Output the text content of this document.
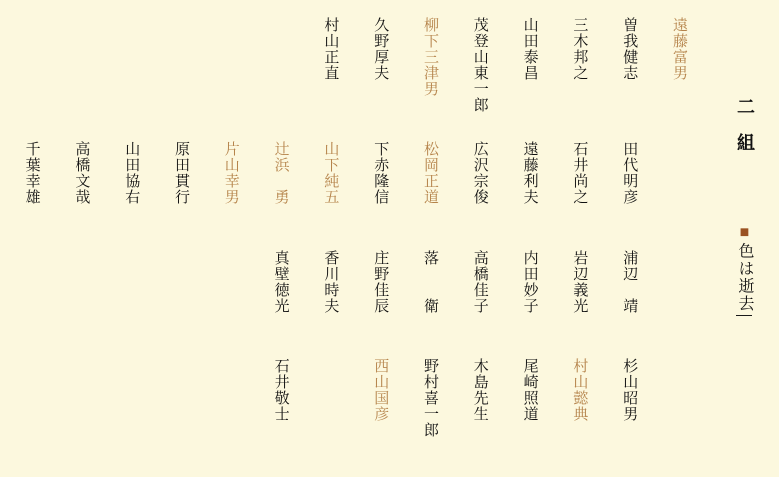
二　組
■色は逝去
遠藤富男
曽我健志
田代明彦
浦辺　靖
杉山昭男
三木邦之
石井尚之
岩辺義光
村山懿典
山田泰昌
遠藤利夫
内田妙子
尾崎照道
茂登山東一郎
広沢宗俊
高橋佳子
木島先生
柳下三津男
松岡正道
落　　衛
野村喜一郎
久野厚夫
下赤隆信
庄野佳辰
西山国彦
村山正直
山下純五
香川時夫
辻浜　勇
真壁徳光
石井敬士
片山幸男
原田貫行
山田協右
高橋文哉
千葉幸雄
